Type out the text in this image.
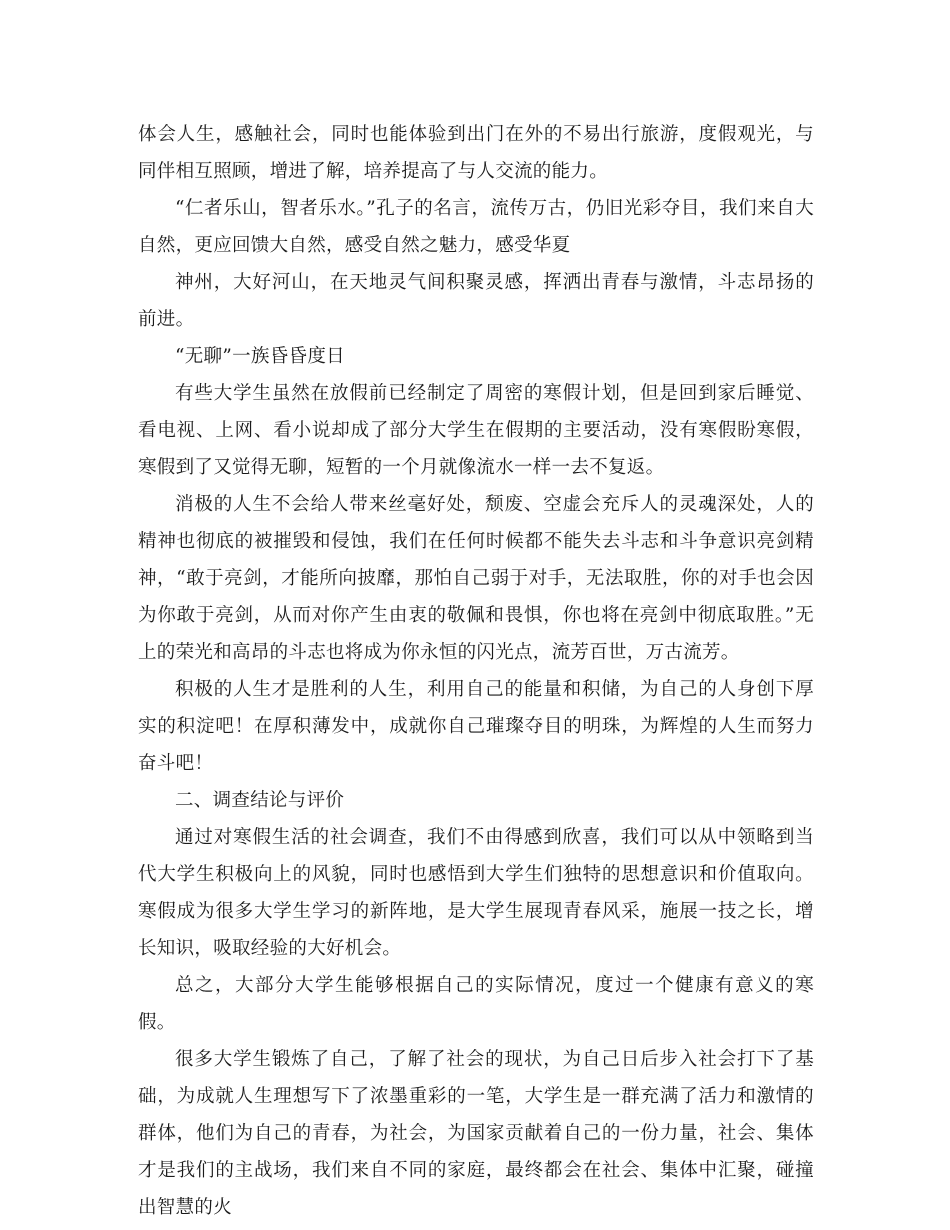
体会人生，感触社会，同时也能体验到出门在外的不易出行旅游，度假观光，与同伴相互照顾，增进了解，培养提高了与人交流的能力。

“仁者乐山，智者乐水。”孔子的名言，流传万古，仍旧光彩夺目，我们来自大自然，更应回馈大自然，感受自然之魅力，感受华夏

神州，大好河山，在天地灵气间积聚灵感，挥洒出青春与激情，斗志昂扬的前进。

“无聊”一族昏昏度日

有些大学生虽然在放假前已经制定了周密的寒假计划，但是回到家后睡觉、看电视、上网、看小说却成了部分大学生在假期的主要活动，没有寒假盼寒假，寒假到了又觉得无聊，短暂的一个月就像流水一样一去不复返。

消极的人生不会给人带来丝毫好处，颓废、空虚会充斥人的灵魂深处，人的精神也彻底的被摧毁和侵蚀，我们在任何时候都不能失去斗志和斗争意识亮剑精神，“敢于亮剑，才能所向披靡，那怕自己弱于对手，无法取胜，你的对手也会因为你敢于亮剑，从而对你产生由衷的敬佩和畏惧，你也将在亮剑中彻底取胜。”无上的荣光和高昂的斗志也将成为你永恒的闪光点，流芳百世，万古流芳。

积极的人生才是胜利的人生，利用自己的能量和积储，为自己的人身创下厚实的积淀吧！在厚积薄发中，成就你自己璀璨夺目的明珠，为辉煌的人生而努力奋斗吧！

二、调查结论与评价

通过对寒假生活的社会调查，我们不由得感到欣喜，我们可以从中领略到当代大学生积极向上的风貌，同时也感悟到大学生们独特的思想意识和价值取向。寒假成为很多大学生学习的新阵地，是大学生展现青春风采，施展一技之长，增长知识，吸取经验的大好机会。

总之，大部分大学生能够根据自己的实际情况，度过一个健康有意义的寒假。

很多大学生锻炼了自己，了解了社会的现状，为自己日后步入社会打下了基础，为成就人生理想写下了浓墨重彩的一笔，大学生是一群充满了活力和激情的群体，他们为自己的青春，为社会，为国家贡献着自己的一份力量，社会、集体才是我们的主战场，我们来自不同的家庭，最终都会在社会、集体中汇聚，碰撞出智慧的火
